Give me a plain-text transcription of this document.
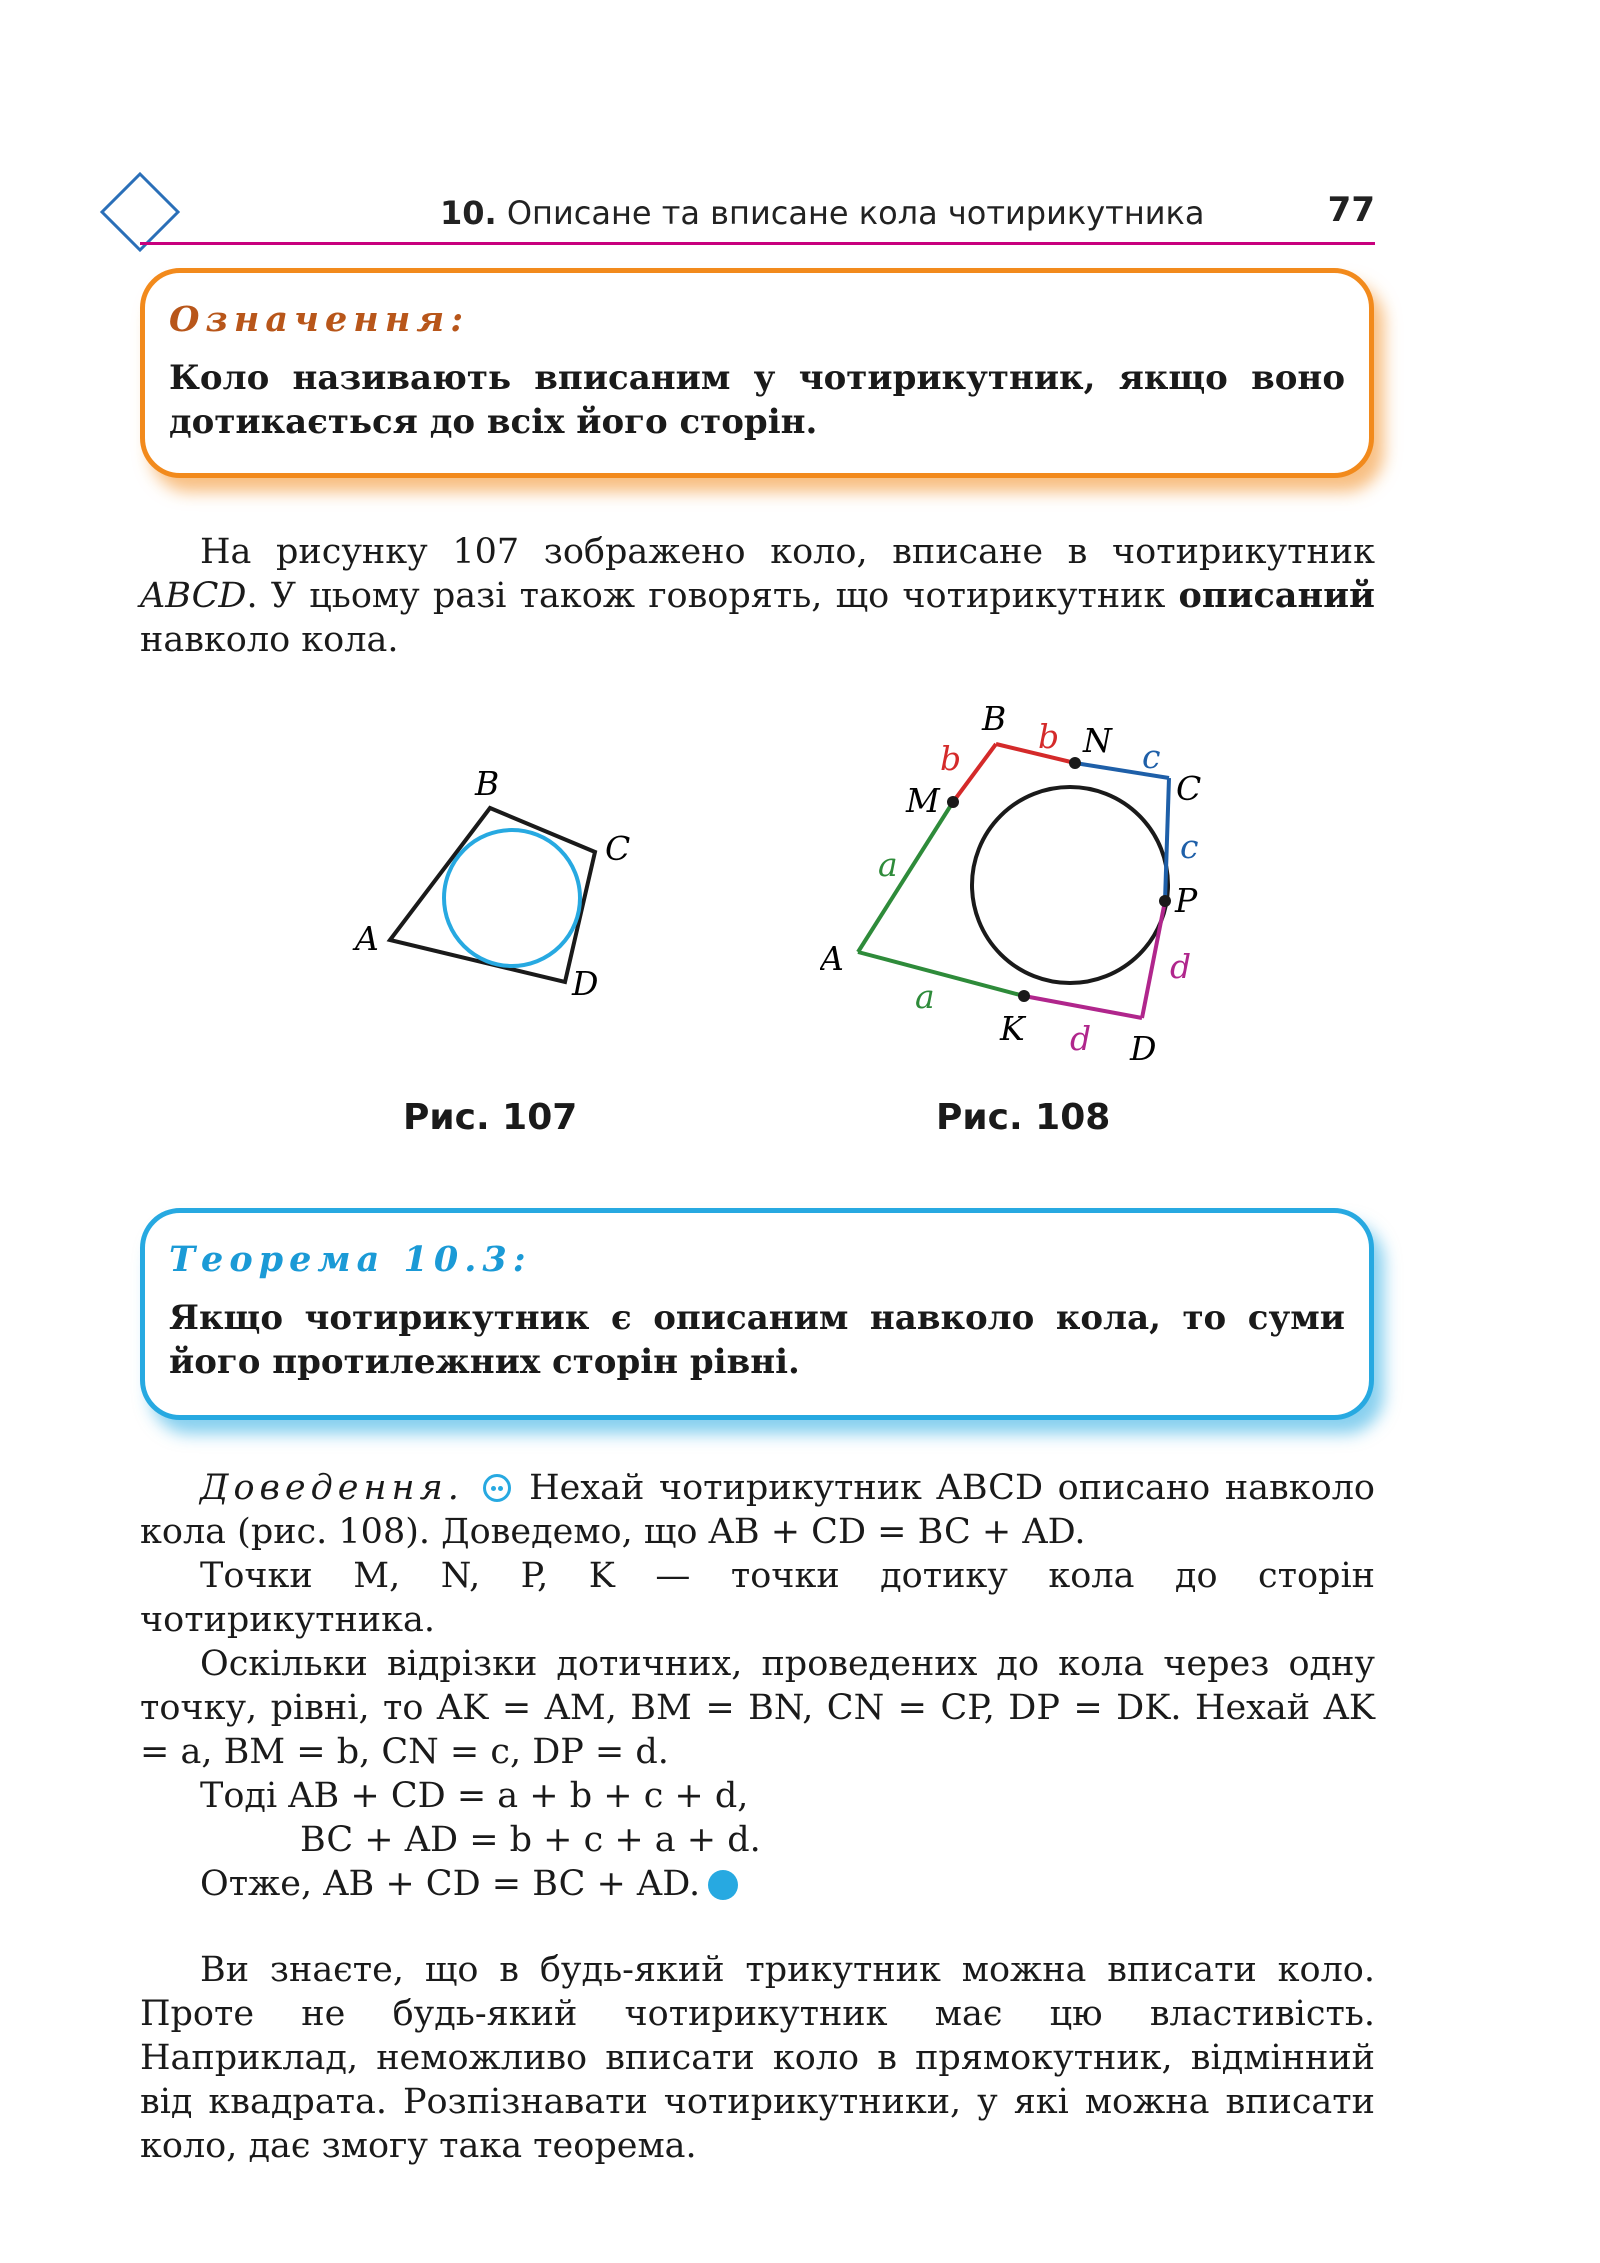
10. Описане та вписане кола чотирикутника	77
Означення:
Коло називають вписаним у чотирикутник, якщо воно дотикається до всіх його сторін.

На рисунку 107 зображено коло, вписане в чотирикутник ABCD. У цьому разі також говорять, що чотирикутник описаний навколо кола.

A
B
C
D
Рис. 107
A
B
C
D
M
N
P
K
a
a
b
b
c
c
d
d
Рис. 108
Теорема 10.3:
Якщо чотирикутник є описаним навколо кола, то суми його протилежних сторін рівні.

Доведення.  Нехай чотирикутник ABCD описано навколо кола (рис. 108). Доведемо, що AB + CD = BC + AD.

Точки M, N, P, K — точки дотику кола до сторін чотирикутника.

Оскільки відрізки дотичних, проведених до кола через одну точку, рівні, то AK = AM, BM = BN, CN = CP, DP = DK. Нехай AK = a, BM = b, CN = c, DP = d.

Тоді AB + CD = a + b + c + d,

BC + AD = b + c + a + d.

Отже, AB + CD = BC + AD.

Ви знаєте, що в будь-який трикутник можна вписати коло. Проте не будь-який чотирикутник має цю властивість. Наприклад, неможливо вписати коло в прямокутник, відмінний від квадрата. Розпізнавати чотирикутники, у які можна вписати коло, дає змогу така теорема.
